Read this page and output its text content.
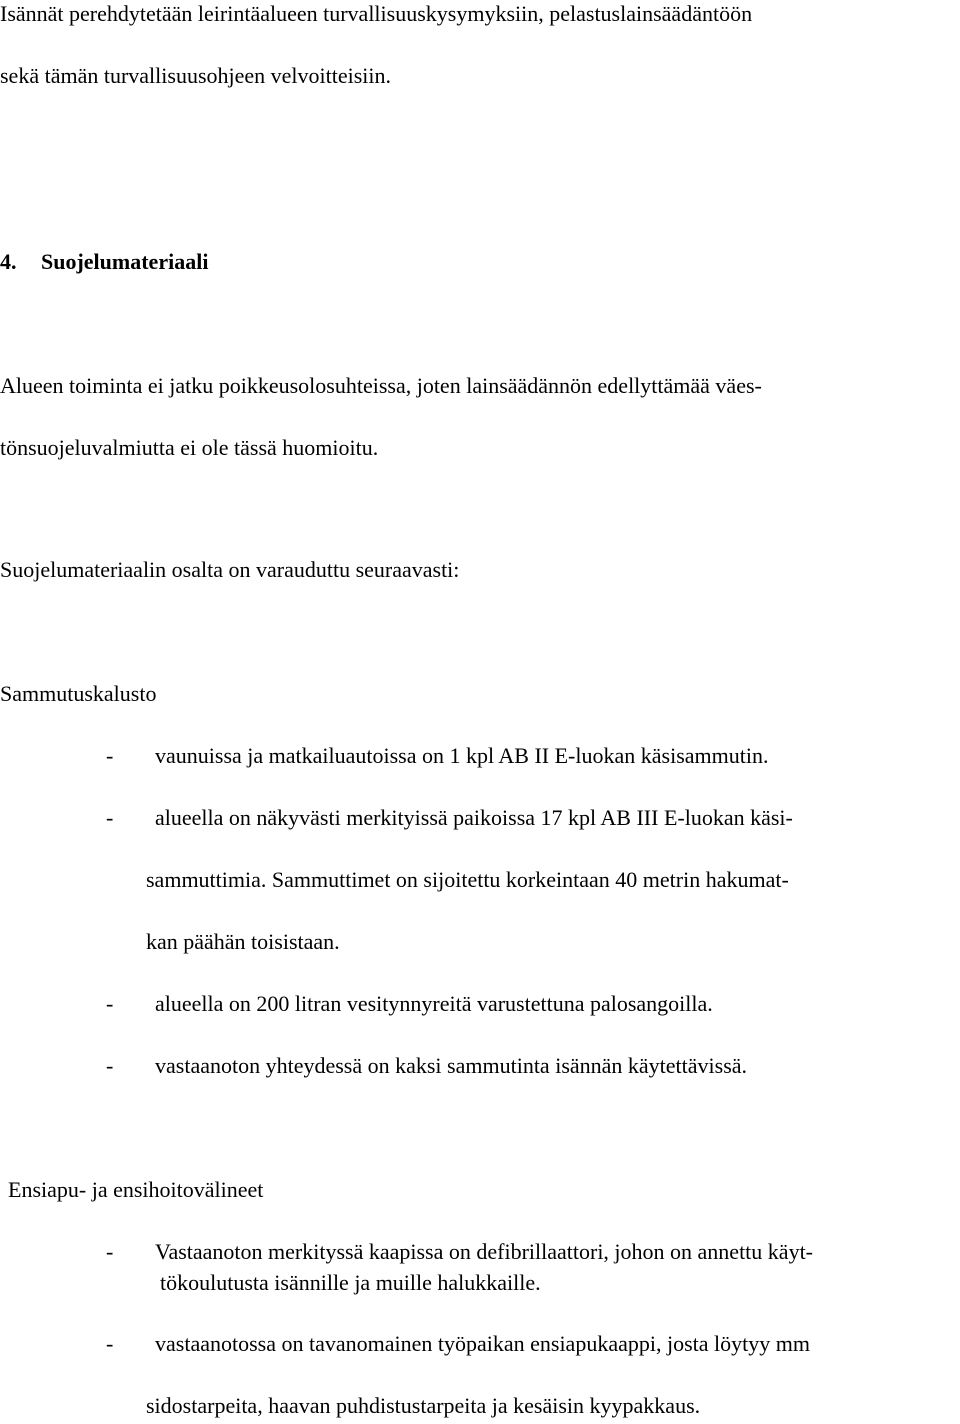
Isännät perehdytetään leirintäalueen turvallisuuskysymyksiin, pelastuslainsäädäntöön

sekä tämän turvallisuusohjeen velvoitteisiin.

4. Suojelumateriaali

Alueen toiminta ei jatku poikkeusolosuhteissa, joten lainsäädännön edellyttämää väes-

tönsuojeluvalmiutta ei ole tässä huomioitu.

Suojelumateriaalin osalta on varauduttu seuraavasti:

Sammutuskalusto

- vaunuissa ja matkailuautoissa on 1 kpl AB II E-luokan käsisammutin.
- alueella on näkyvästi merkityissä paikoissa 17 kpl AB III E-luokan käsi-
sammuttimia. Sammuttimet on sijoitettu korkeintaan 40 metrin hakumat-
kan päähän toisistaan.
- alueella on 200 litran vesitynnyreitä varustettuna palosangoilla.
- vastaanoton yhteydessä on kaksi sammutinta isännän käytettävissä.

Ensiapu- ja ensihoitovälineet

- Vastaanoton merkityssä kaapissa on defibrillaattori, johon on annettu käyt-
tökoulutusta isännille ja muille halukkaille.
- vastaanotossa on tavanomainen työpaikan ensiapukaappi, josta löytyy mm
sidostarpeita, haavan puhdistustarpeita ja kesäisin kyypakkaus.
